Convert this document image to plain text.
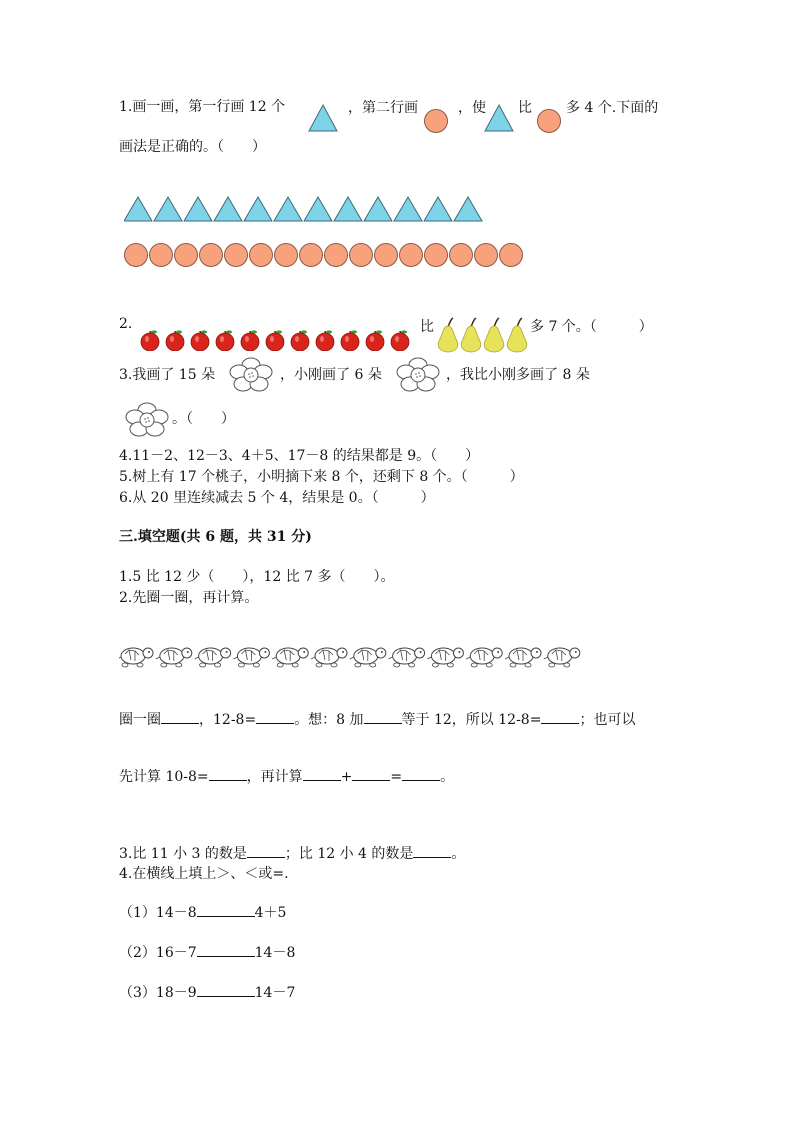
1.画一画，第一行画 12 个	，第二行画	，使 比 多 4 个.下面的
画法是正确的。（　　）
2.	比	多 7 个。（　　　）
3.我画了 15 朵	，小刚画了 6 朵	，我比小刚多画了 8 朵
。（　　）
4.11－2、12－3、4＋5、17－8 的结果都是 9。（　　）
5.树上有 17 个桃子，小明摘下来 8 个，还剩下 8 个。（　　　）
6.从 20 里连续减去 5 个 4，结果是 0。（　　　）
三.填空题(共 6 题，共 31 分)
1.5 比 12 少（　　），12 比 7 多（　　）。
2.先圈一圈，再计算。
圈一圈	，12-8=	。想：8 加	等于 12，所以 12-8=	；也可以
先计算 10-8=	，再计算	+	=	。
3.比 11 小 3 的数是	；比 12 小 4 的数是	。
4.在横线上填上＞、＜或=.
（1）14－8	4＋5
（2）16－7	14－8
（3）18－9	14－7
